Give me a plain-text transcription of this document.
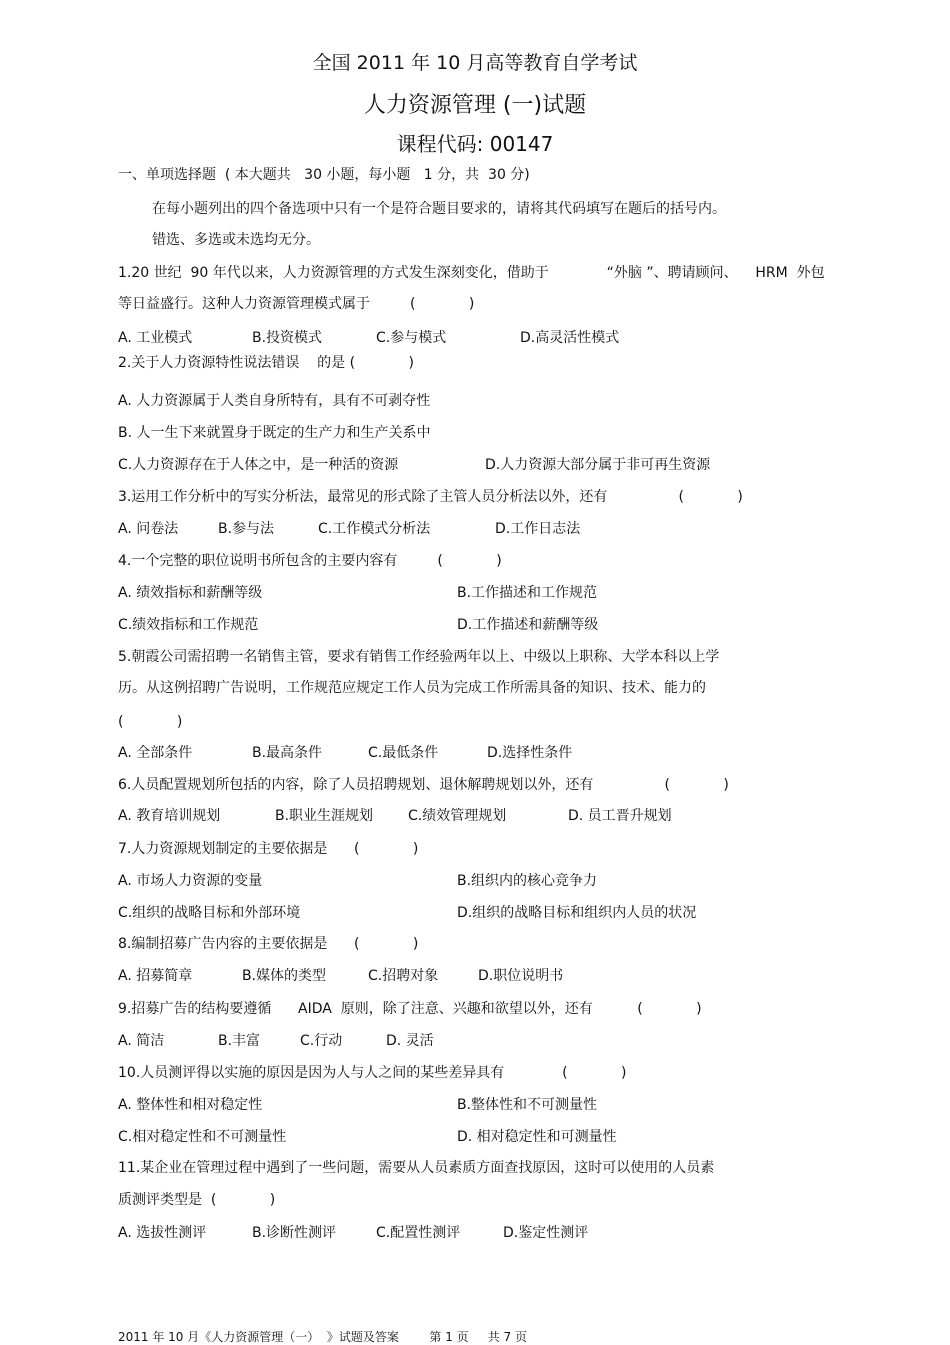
全国 2011 年 10 月高等教育自学考试
人力资源管理 (一)试题
课程代码: 00147
一、单项选择题  ( 本大题共   30 小题，每小题   1 分，共  30 分)
在每小题列出的四个备选项中只有一个是符合题目要求的，请将其代码填写在题后的括号内。
错选、多选或未选均无分。
1.20 世纪  90 年代以来，人力资源管理的方式发生深刻变化，借助于             “外脑 ”、聘请顾问、    HRM  外包
等日益盛行。这种人力资源管理模式属于         (            )
A. 工业模式	B.投资模式	C.参与模式	D.高灵活性模式
2.关于人力资源特性说法错误    的是 (            )
A. 人力资源属于人类自身所特有，具有不可剥夺性
B. 人一生下来就置身于既定的生产力和生产关系中
C.人力资源存在于人体之中，是一种活的资源	D.人力资源大部分属于非可再生资源
3.运用工作分析中的写实分析法，最常见的形式除了主管人员分析法以外，还有                (            )
A. 问卷法	B.参与法	C.工作模式分析法	D.工作日志法
4.一个完整的职位说明书所包含的主要内容有         (            )
A. 绩效指标和薪酬等级	B.工作描述和工作规范
C.绩效指标和工作规范	D.工作描述和薪酬等级
5.朝霞公司需招聘一名销售主管，要求有销售工作经验两年以上、中级以上职称、大学本科以上学
历。从这例招聘广告说明，工作规范应规定工作人员为完成工作所需具备的知识、技术、能力的
(            )
A. 全部条件	B.最高条件	C.最低条件	D.选择性条件
6.人员配置规划所包括的内容，除了人员招聘规划、退休解聘规划以外，还有                (            )
A. 教育培训规划	B.职业生涯规划 C.绩效管理规划	D. 员工晋升规划
7.人力资源规划制定的主要依据是      (            )
A. 市场人力资源的变量	B.组织内的核心竞争力
C.组织的战略目标和外部环境	D.组织的战略目标和组织内人员的状况
8.编制招募广告内容的主要依据是      (            )
A. 招募简章	B.媒体的类型	C.招聘对象	D.职位说明书
9.招募广告的结构要遵循      AIDA  原则，除了注意、兴趣和欲望以外，还有          (            )
A. 简洁	B.丰富	C.行动	D. 灵活
10.人员测评得以实施的原因是因为人与人之间的某些差异具有             (            )
A. 整体性和相对稳定性	B.整体性和不可测量性
C.相对稳定性和不可测量性	D. 相对稳定性和可测量性
11.某企业在管理过程中遇到了一些问题，需要从人员素质方面查找原因，这时可以使用的人员素
质测评类型是  (            )
A. 选拔性测评	B.诊断性测评	C.配置性测评	D.鉴定性测评
2011 年 10 月《人力资源管理（一）  》试题及答案        第 1 页     共 7 页
